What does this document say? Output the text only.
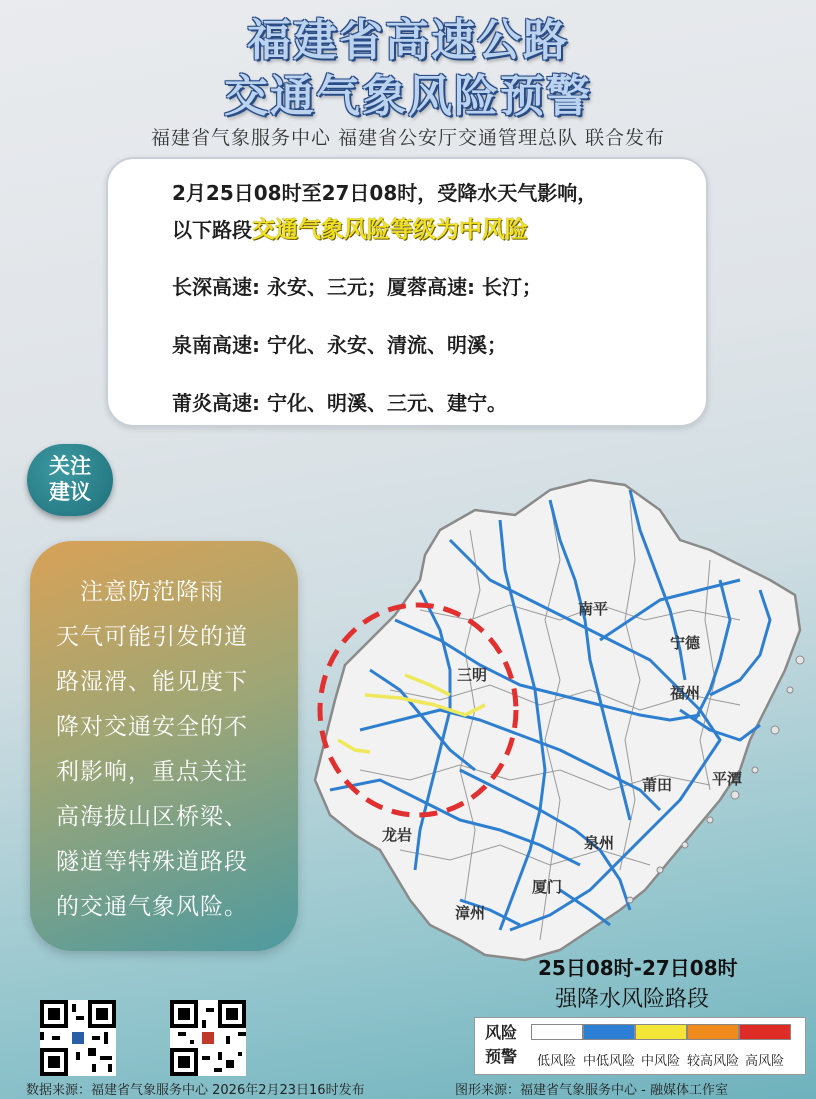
福建省高速公路
交通气象风险预警
福建省气象服务中心 福建省公安厅交通管理总队 联合发布
2月25日08时至27日08时，受降水天气影响，
以下路段交通气象风险等级为中风险
长深高速: 永安、三元；厦蓉高速: 长汀；
泉南高速: 宁化、永安、清流、明溪；
莆炎高速: 宁化、明溪、三元、建宁。
关注
建议
　注意防范降雨
天气可能引发的道
路湿滑、能见度下
降对交通安全的不
利影响，重点关注
高海拔山区桥梁、
隧道等特殊道路段
的交通气象风险。
南平
宁德
三明
福州
莆田	平潭
龙岩	泉州
厦门
漳州
25日08时-27日08时
强降水风险路段
风险
预警	低风险 中低风险 中风险 较高风险 高风险
数据来源：福建省气象服务中心 2026年2月23日16时发布	图形来源：福建省气象服务中心 - 融媒体工作室
